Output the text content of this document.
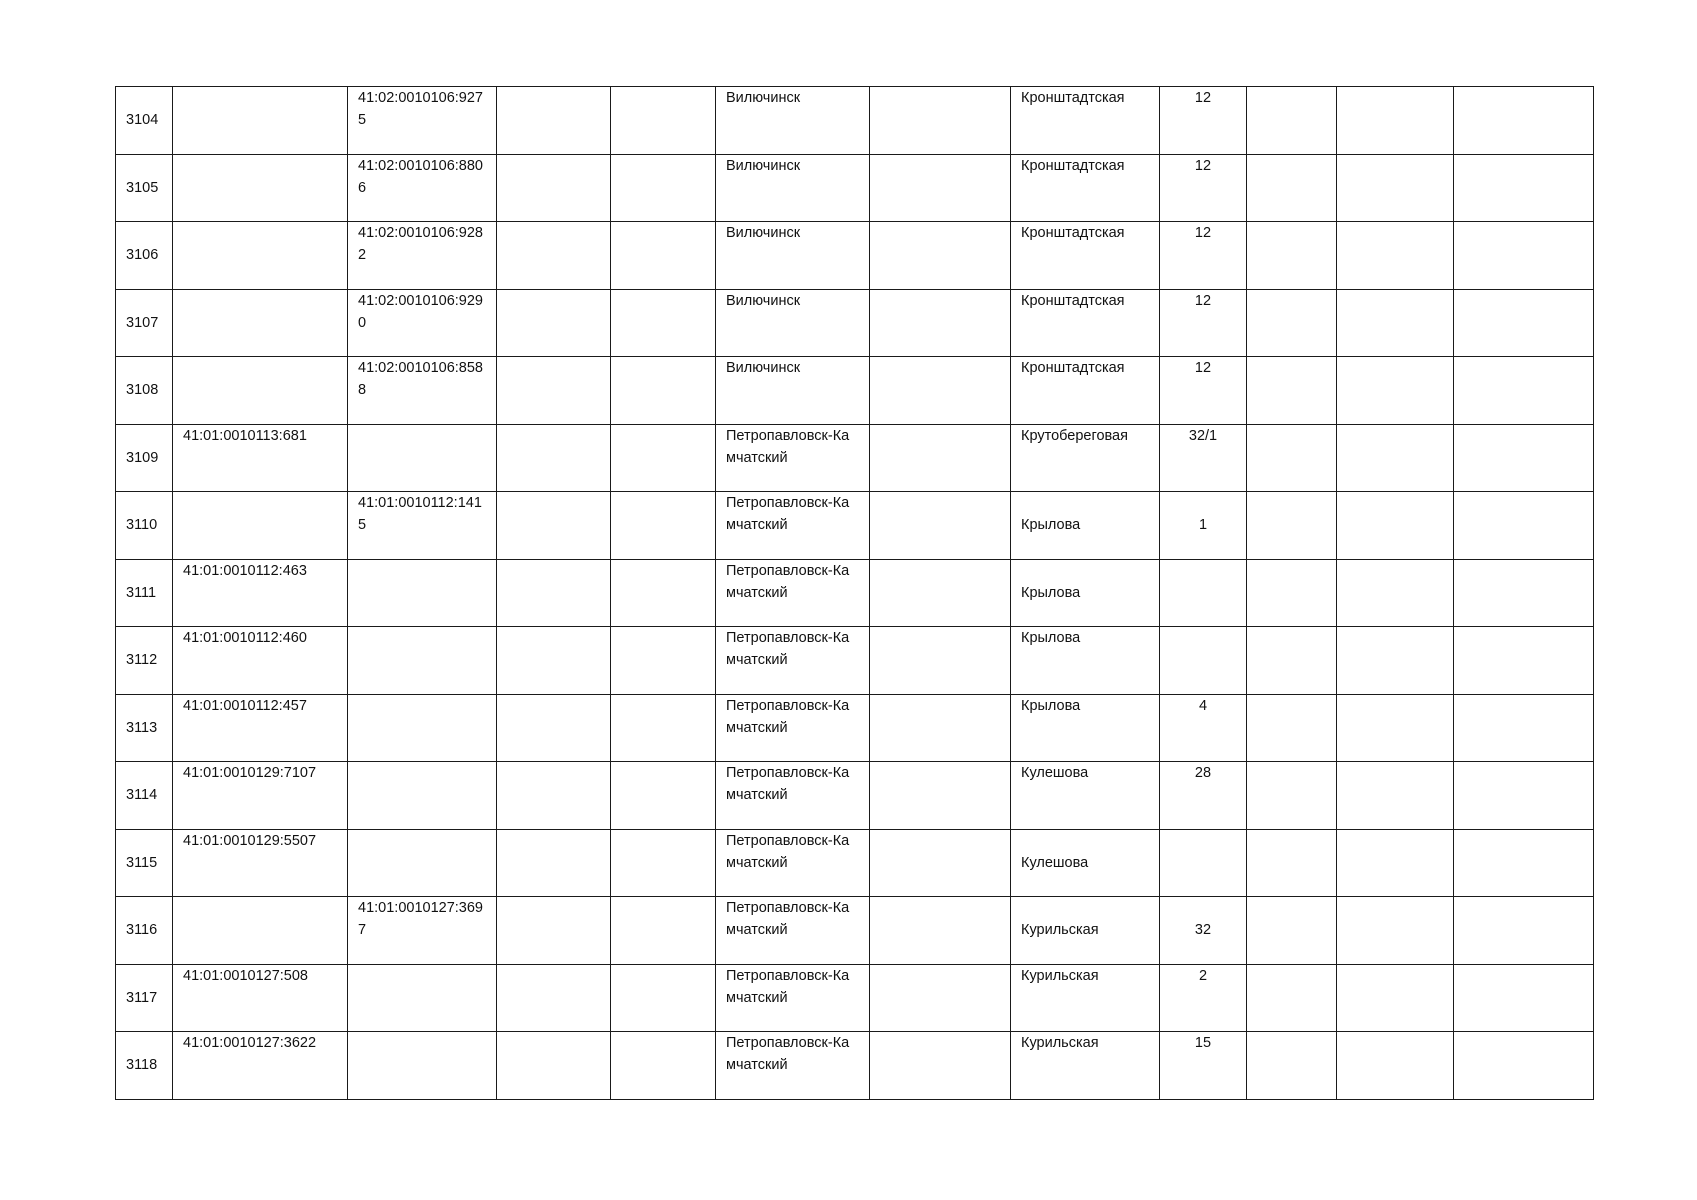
3104		41:02:0010106:9275			Вилючинск		Кронштадтская	12			
3105		41:02:0010106:8806			Вилючинск		Кронштадтская	12			
3106		41:02:0010106:9282			Вилючинск		Кронштадтская	12			
3107		41:02:0010106:9290			Вилючинск		Кронштадтская	12			
3108		41:02:0010106:8588			Вилючинск		Кронштадтская	12			
3109	41:01:0010113:681				Петропавловск-Камчатский		Крутобереговая	32/1			
3110		41:01:0010112:1415			Петропавловск-Камчатский		Крылова	1			
3111	41:01:0010112:463				Петропавловск-Камчатский		Крылова				
3112	41:01:0010112:460				Петропавловск-Камчатский		Крылова				
3113	41:01:0010112:457				Петропавловск-Камчатский		Крылова	4			
3114	41:01:0010129:7107				Петропавловск-Камчатский		Кулешова	28			
3115	41:01:0010129:5507				Петропавловск-Камчатский		Кулешова				
3116		41:01:0010127:3697			Петропавловск-Камчатский		Курильская	32			
3117	41:01:0010127:508				Петропавловск-Камчатский		Курильская	2			
3118	41:01:0010127:3622				Петропавловск-Камчатский		Курильская	15			
